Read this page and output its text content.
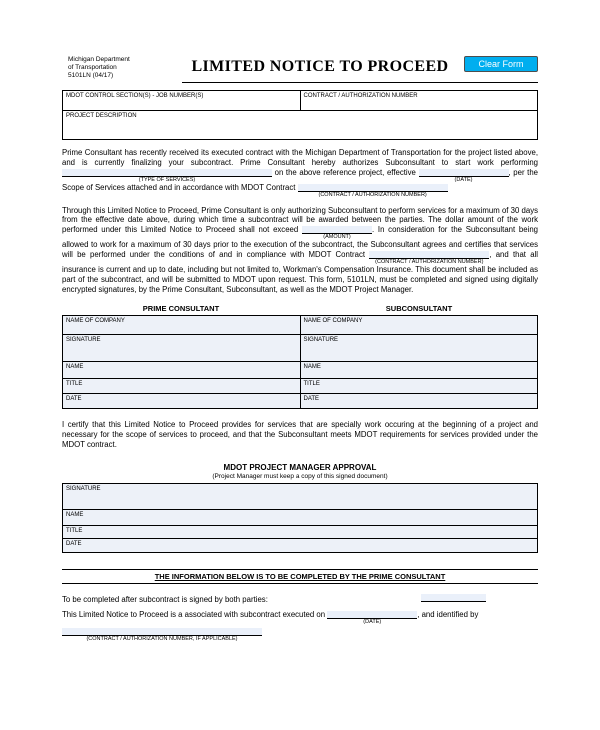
Michigan Department
of Transportation
5101LN (04/17)
LIMITED NOTICE TO PROCEED	Clear Form
MDOT CONTROL SECTION(S) - JOB NUMBER(S)	CONTRACT / AUTHORIZATION NUMBER
PROJECT DESCRIPTION
Prime Consultant has recently received its executed contract with the Michigan Department of Transportation for the project listed above, and is currently finalizing your subcontract. Prime Consultant hereby authorizes Subconsultant to start work performing
(TYPE OF SERVICES)
on the above reference project, effective
(DATE)
, per the Scope of Services attached and in accordance with MDOT Contract
(CONTRACT / AUTHORIZATION NUMBER)
Through this Limited Notice to Proceed, Prime Consultant is only authorizing Subconsultant to perform services for a maximum of 30 days from the effective date above, during which time a subcontract will be awarded between the parties. The dollar amount of the work performed under this Limited Notice to Proceed shall not exceed
(AMOUNT)
. In consideration for the Subconsultant being allowed to work for a maximum of 30 days prior to the execution of the subcontract, the Subconsultant agrees and certifies that services will be performed under the conditions of and in compliance with MDOT Contract
(CONTRACT / AUTHORIZATION NUMBER)
, and that all insurance is current and up to date, including but not limited to, Workman's Compensation Insurance. This document shall be included as part of the subcontract, and will be submitted to MDOT upon request. This form, 5101LN, must be completed and signed using digitally encrypted signatures, by the Prime Consultant, Subconsultant, as well as the MDOT Project Manager.
PRIME CONSULTANT	SUBCONSULTANT
NAME OF COMPANY	NAME OF COMPANY
SIGNATURE	SIGNATURE
NAME	NAME
TITLE	TITLE
DATE	DATE
I certify that this Limited Notice to Proceed provides for services that are specially work occuring at the beginning of a project and necessary for the scope of services to proceed, and that the Subconsultant meets MDOT requirements for services provided under the MDOT contract.
MDOT PROJECT MANAGER APPROVAL
(Project Manager must keep a copy of this signed document)
SIGNATURE
NAME
TITLE
DATE
THE INFORMATION BELOW IS TO BE COMPLETED BY THE PRIME CONSULTANT
To be completed after subcontract is signed by both parties:
This Limited Notice to Proceed is a associated with subcontract executed on
(DATE)
, and identified by
(CONTRACT / AUTHORIZATION NUMBER, IF APPLICABLE)
